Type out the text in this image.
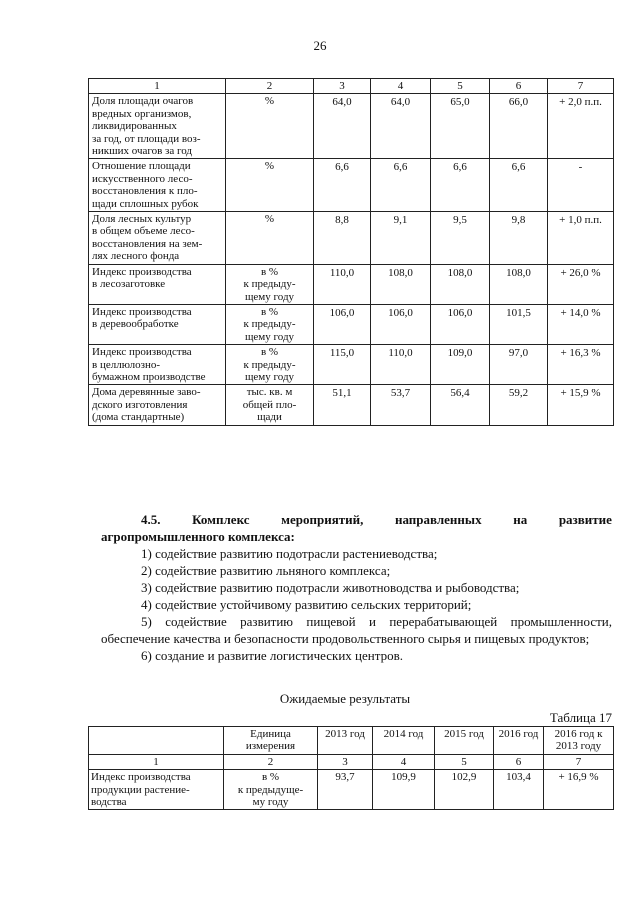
26
1	2	3	4	5	6	7
Доля площади очагов
вредных организмов,
ликвидированных
за год, от площади воз-
никших очагов за год	%	64,0	64,0	65,0	66,0	+ 2,0 п.п.
Отношение площади
искусственного лесо-
восстановления к пло-
щади сплошных рубок	%	6,6	6,6	6,6	6,6	-
Доля лесных культур
в общем объеме лесо-
восстановления на зем-
лях лесного фонда	%	8,8	9,1	9,5	9,8	+ 1,0 п.п.
Индекс производства
в лесозаготовке	в %
к предыду-
щему году	110,0	108,0	108,0	108,0	+ 26,0 %
Индекс производства
в деревообработке	в %
к предыду-
щему году	106,0	106,0	106,0	101,5	+ 14,0 %
Индекс производства
в целлюлозно-
бумажном производстве	в %
к предыду-
щему году	115,0	110,0	109,0	97,0	+ 16,3 %
Дома деревянные заво-
дского изготовления
(дома стандартные)	тыс. кв. м
общей пло-
щади	51,1	53,7	56,4	59,2	+ 15,9 %
4.5. Комплекс мероприятий, направленных на развитие
агропромышленного комплекса:

1) содействие развитию подотрасли растениеводства;

2) содействие развитию льняного комплекса;

3) содействие развитию подотрасли животноводства и рыбоводства;

4) содействие устойчивому развитию сельских территорий;

5) содействие развитию пищевой и перерабатывающей промышленности, обеспечение качества и безопасности продовольственного сырья и пищевых продуктов;

6) создание и развитие логистических центров.

Ожидаемые результаты
Таблица 17
	Единица измерения	2013 год	2014 год	2015 год	2016 год	2016 год к 2013 году
1	2	3	4	5	6	7
Индекс производства
продукции растение-
водства	в %
к предыдуще-
му году	93,7	109,9	102,9	103,4	+ 16,9 %
